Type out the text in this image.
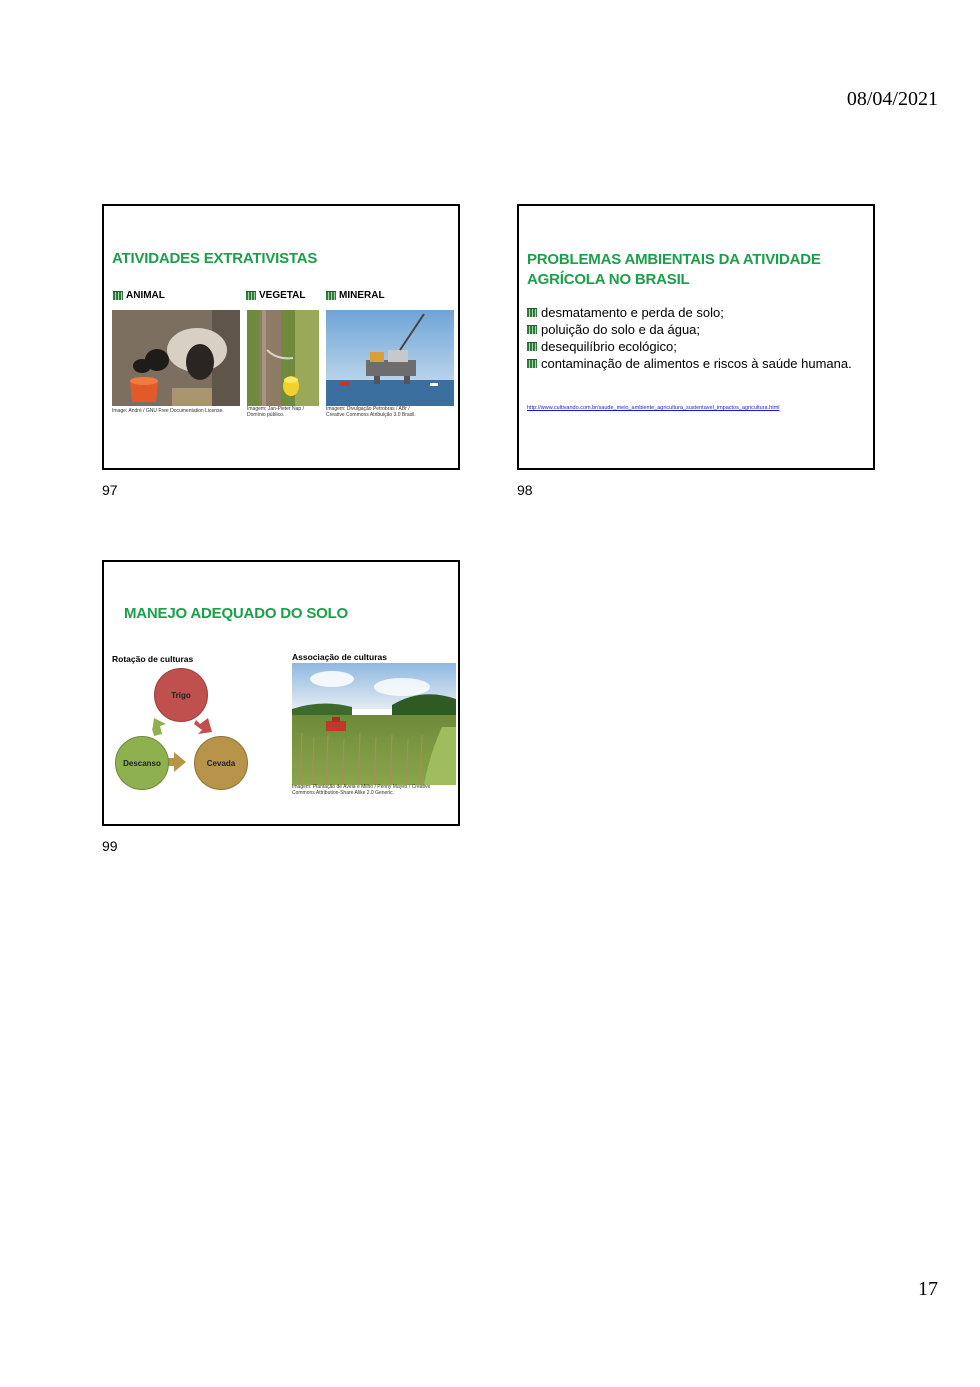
08/04/2021
ATIVIDADES EXTRATIVISTAS
ANIMAL	VEGETAL	MINERAL
Image: André / GNU Free Documentation License.	Imagem: Jan-Pieter Nap / Domínio público.
Imagem: Divulgação Petrobras / ABr / Creative Commons Atribuição 3.0 Brasil.
97
PROBLEMAS AMBIENTAIS DA ATIVIDADE
AGRÍCOLA NO BRASIL
desmatamento e perda de solo;
poluição do solo e da água;
desequilíbrio ecológico;
contaminação de alimentos e riscos à saúde humana.
http://www.cultivando.com.br/saude_meio_ambiente_agricultura_sustentavel_impactos_agricultura.html
98
MANEJO ADEQUADO DO SOLO
Rotação de culturas	Associação de culturas
Trigo
Cevada
Descanso
Imagem: Plantação de Aveia e Milho / Penny Mayes / Creative Commons Attribution-Share Alike 2.0 Generic.
99
17
